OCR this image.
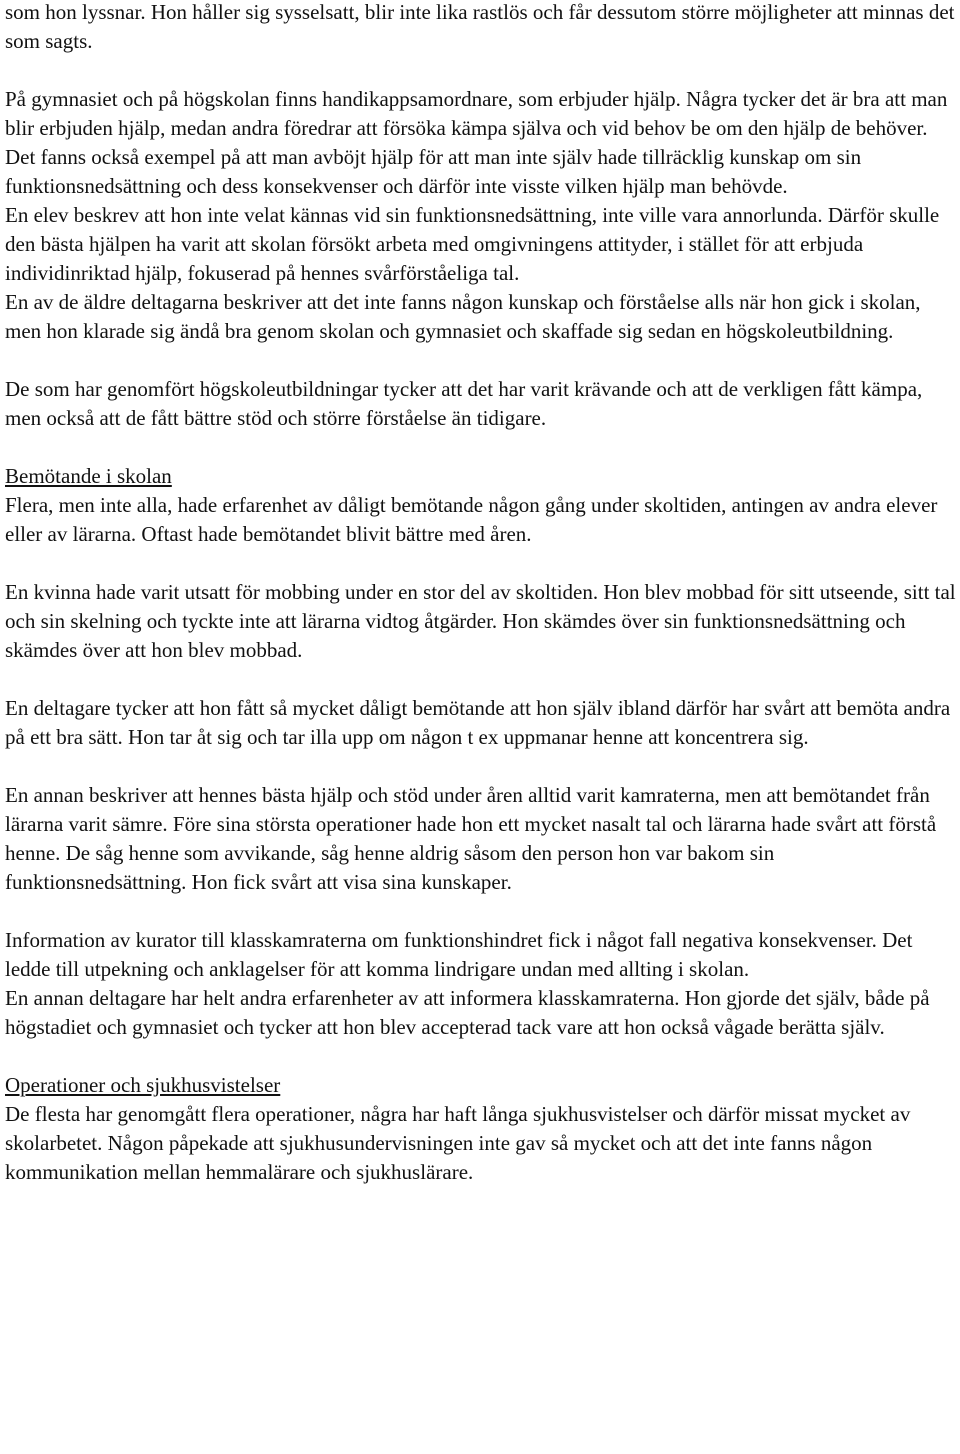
som hon lyssnar. Hon håller sig sysselsatt, blir inte lika rastlös och får dessutom större möjligheter att minnas det som sagts.

På gymnasiet och på högskolan finns handikappsamordnare, som erbjuder hjälp. Några tycker det är bra att man blir erbjuden hjälp, medan andra föredrar att försöka kämpa själva och vid behov be om den hjälp de behöver.

Det fanns också exempel på att man avböjt hjälp för att man inte själv hade tillräcklig kunskap om sin funktionsnedsättning och dess konsekvenser och därför inte visste vilken hjälp man behövde.

En elev beskrev att hon inte velat kännas vid sin funktionsnedsättning, inte ville vara annorlunda. Därför skulle den bästa hjälpen ha varit att skolan försökt arbeta med omgivningens attityder, i stället för att erbjuda individinriktad hjälp, fokuserad på hennes svårförståeliga tal.

En av de äldre deltagarna beskriver att det inte fanns någon kunskap och förståelse alls när hon gick i skolan, men hon klarade sig ändå bra genom skolan och gymnasiet och skaffade sig sedan en högskoleutbildning.

De som har genomfört högskoleutbildningar tycker att det har varit krävande och att de verkligen fått kämpa, men också att de fått bättre stöd och större förståelse än tidigare.

Bemötande i skolan

Flera, men inte alla, hade erfarenhet av dåligt bemötande någon gång under skoltiden, antingen av andra elever eller av lärarna. Oftast hade bemötandet blivit bättre med åren.

En kvinna hade varit utsatt för mobbing under en stor del av skoltiden. Hon blev mobbad för sitt utseende, sitt tal och sin skelning och tyckte inte att lärarna vidtog åtgärder. Hon skämdes över sin funktionsnedsättning och skämdes över att hon blev mobbad.

En deltagare tycker att hon fått så mycket dåligt bemötande att hon själv ibland därför har svårt att bemöta andra på ett bra sätt. Hon tar åt sig och tar illa upp om någon t ex uppmanar henne att koncentrera sig.

En annan beskriver att hennes bästa hjälp och stöd under åren alltid varit kamraterna, men att bemötandet från lärarna varit sämre. Före sina största operationer hade hon ett mycket nasalt tal och lärarna hade svårt att förstå henne. De såg henne som avvikande, såg henne aldrig såsom den person hon var bakom sin funktionsnedsättning. Hon fick svårt att visa sina kunskaper.

Information av kurator till klasskamraterna om funktionshindret fick i något fall negativa konsekvenser. Det ledde till utpekning och anklagelser för att komma lindrigare undan med allting i skolan.

En annan deltagare har helt andra erfarenheter av att informera klasskamraterna. Hon gjorde det själv, både på högstadiet och gymnasiet och tycker att hon blev accepterad tack vare att hon också vågade berätta själv.

Operationer och sjukhusvistelser

De flesta har genomgått flera operationer, några har haft långa sjukhusvistelser och därför missat mycket av skolarbetet. Någon påpekade att sjukhusundervisningen inte gav så mycket och att det inte fanns någon kommunikation mellan hemmalärare och sjukhuslärare.
